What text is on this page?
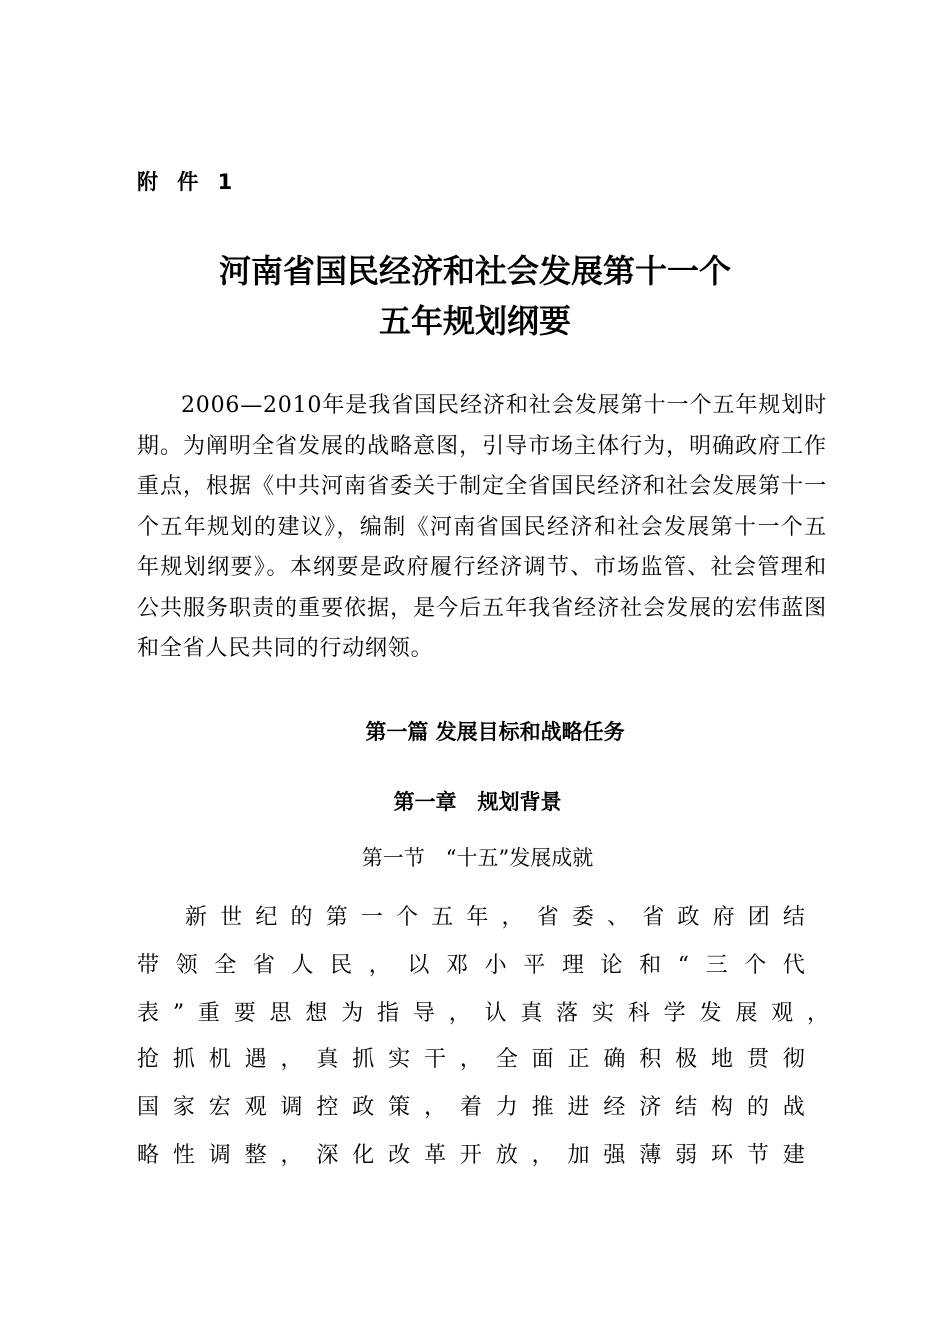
附 件 1
河南省国民经济和社会发展第十一个
五年规划纲要
2006—2010年是我省国民经济和社会发展第十一个五年规划时期。为阐明全省发展的战略意图，引导市场主体行为，明确政府工作重点，根据《中共河南省委关于制定全省国民经济和社会发展第十一个五年规划的建议》，编制《河南省国民经济和社会发展第十一个五年规划纲要》。本纲要是政府履行经济调节、市场监管、社会管理和公共服务职责的重要依据，是今后五年我省经济社会发展的宏伟蓝图和全省人民共同的行动纲领。
第一篇 发展目标和战略任务
第一章　规划背景
第一节　“十五”发展成就
新 世 纪 的 第 一 个 五 年 ， 省 委 、 省 政 府 团 结
带 领 全 省 人 民 ， 以 邓 小 平 理 论 和 “ 三 个 代
表 ” 重 要 思 想 为 指 导 ， 认 真 落 实 科 学 发 展 观 ，
抢 抓 机 遇 ， 真 抓 实 干 ， 全 面 正 确 积 极 地 贯 彻
国 家 宏 观 调 控 政 策 ， 着 力 推 进 经 济 结 构 的 战
略 性 调 整 ， 深 化 改 革 开 放 ， 加 强 薄 弱 环 节 建
